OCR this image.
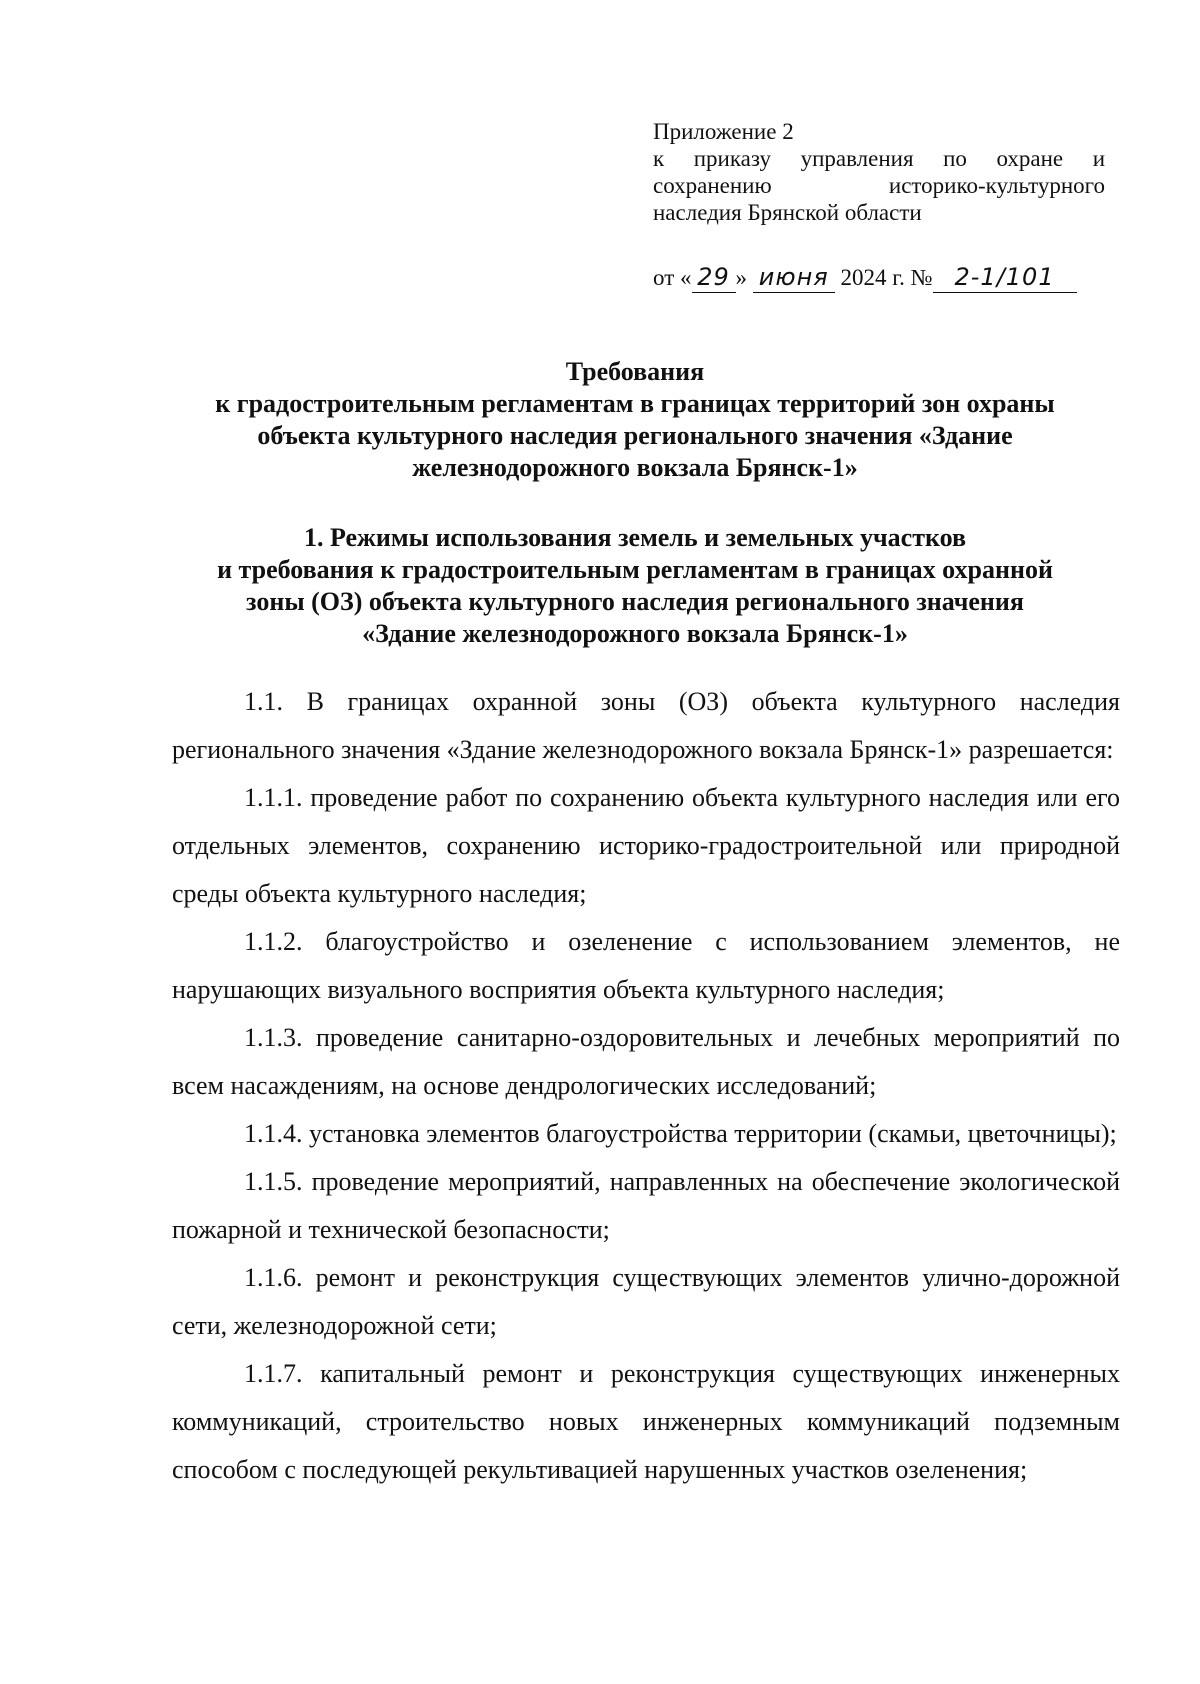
Приложение 2
к приказу управления по охране и
сохранению историко-культурного
наследия Брянской области
от « 29 » июня 2024 г. № 2-1/101
Требования
к градостроительным регламентам в границах территорий зон охраны
объекта культурного наследия регионального значения «Здание
железнодорожного вокзала Брянск-1»
1. Режимы использования земель и земельных участков
и требования к градостроительным регламентам в границах охранной
зоны (ОЗ) объекта культурного наследия регионального значения
«Здание железнодорожного вокзала Брянск-1»

1.1. В границах охранной зоны (ОЗ) объекта культурного наследия регионального значения «Здание железнодорожного вокзала Брянск-1» разрешается:

1.1.1. проведение работ по сохранению объекта культурного наследия или его отдельных элементов, сохранению историко-градостроительной или природной среды объекта культурного наследия;

1.1.2. благоустройство и озеленение с использованием элементов, не нарушающих визуального восприятия объекта культурного наследия;

1.1.3. проведение санитарно-оздоровительных и лечебных мероприятий по всем насаждениям, на основе дендрологических исследований;

1.1.4. установка элементов благоустройства территории (скамьи, цветочницы);

1.1.5. проведение мероприятий, направленных на обеспечение экологической пожарной и технической безопасности;

1.1.6. ремонт и реконструкция существующих элементов улично-дорожной сети, железнодорожной сети;

1.1.7. капитальный ремонт и реконструкция существующих инженерных коммуникаций, строительство новых инженерных коммуникаций подземным способом с последующей рекультивацией нарушенных участков озеленения;
